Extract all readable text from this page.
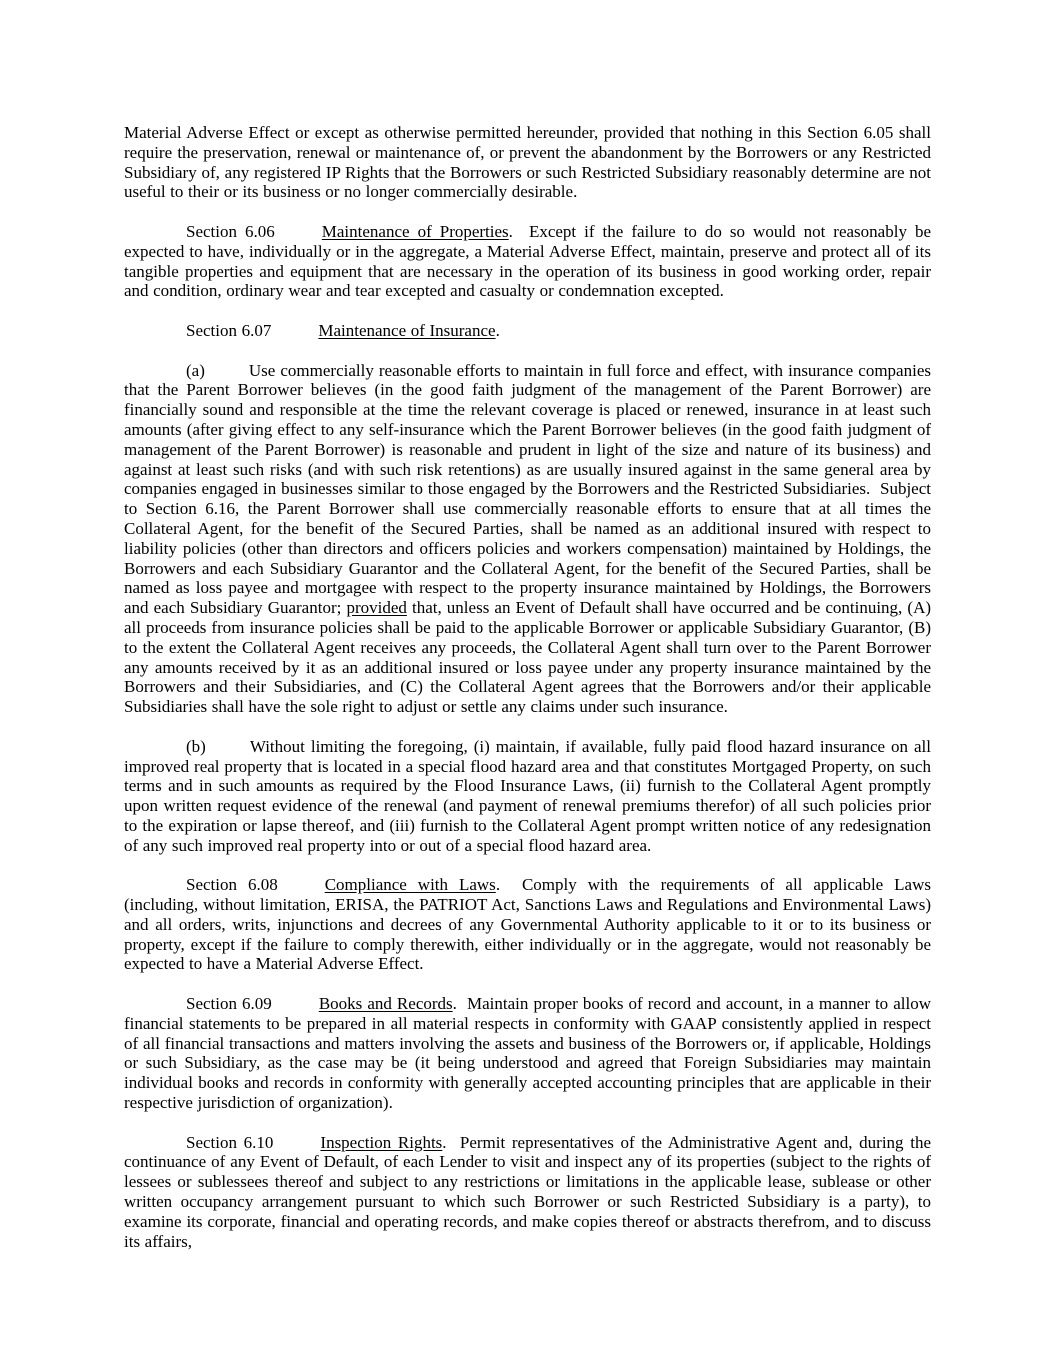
Material Adverse Effect or except as otherwise permitted hereunder, provided that nothing in this Section 6.05 shall require the preservation, renewal or maintenance of, or prevent the abandonment by the Borrowers or any Restricted Subsidiary of, any registered IP Rights that the Borrowers or such Restricted Subsidiary reasonably determine are not useful to their or its business or no longer commercially desirable.

Section 6.06	Maintenance of Properties.  Except if the failure to do so would not reasonably be expected to have, individually or in the aggregate, a Material Adverse Effect, maintain, preserve and protect all of its tangible properties and equipment that are necessary in the operation of its business in good working order, repair and condition, ordinary wear and tear excepted and casualty or condemnation excepted.

Section 6.07	Maintenance of Insurance.

(a)	Use commercially reasonable efforts to maintain in full force and effect, with insurance companies that the Parent Borrower believes (in the good faith judgment of the management of the Parent Borrower) are financially sound and responsible at the time the relevant coverage is placed or renewed, insurance in at least such amounts (after giving effect to any self-insurance which the Parent Borrower believes (in the good faith judgment of management of the Parent Borrower) is reasonable and prudent in light of the size and nature of its business) and against at least such risks (and with such risk retentions) as are usually insured against in the same general area by companies engaged in businesses similar to those engaged by the Borrowers and the Restricted Subsidiaries.  Subject to Section 6.16, the Parent Borrower shall use commercially reasonable efforts to ensure that at all times the Collateral Agent, for the benefit of the Secured Parties, shall be named as an additional insured with respect to liability policies (other than directors and officers policies and workers compensation) maintained by Holdings, the Borrowers and each Subsidiary Guarantor and the Collateral Agent, for the benefit of the Secured Parties, shall be named as loss payee and mortgagee with respect to the property insurance maintained by Holdings, the Borrowers and each Subsidiary Guarantor; provided that, unless an Event of Default shall have occurred and be continuing, (A) all proceeds from insurance policies shall be paid to the applicable Borrower or applicable Subsidiary Guarantor, (B) to the extent the Collateral Agent receives any proceeds, the Collateral Agent shall turn over to the Parent Borrower any amounts received by it as an additional insured or loss payee under any property insurance maintained by the Borrowers and their Subsidiaries, and (C) the Collateral Agent agrees that the Borrowers and/or their applicable Subsidiaries shall have the sole right to adjust or settle any claims under such insurance.

(b)	Without limiting the foregoing, (i) maintain, if available, fully paid flood hazard insurance on all improved real property that is located in a special flood hazard area and that constitutes Mortgaged Property, on such terms and in such amounts as required by the Flood Insurance Laws, (ii) furnish to the Collateral Agent promptly upon written request evidence of the renewal (and payment of renewal premiums therefor) of all such policies prior to the expiration or lapse thereof, and (iii) furnish to the Collateral Agent prompt written notice of any redesignation of any such improved real property into or out of a special flood hazard area.

Section 6.08	Compliance with Laws.  Comply with the requirements of all applicable Laws (including, without limitation, ERISA, the PATRIOT Act, Sanctions Laws and Regulations and Environmental Laws) and all orders, writs, injunctions and decrees of any Governmental Authority applicable to it or to its business or property, except if the failure to comply therewith, either individually or in the aggregate, would not reasonably be expected to have a Material Adverse Effect.

Section 6.09	Books and Records.  Maintain proper books of record and account, in a manner to allow financial statements to be prepared in all material respects in conformity with GAAP consistently applied in respect of all financial transactions and matters involving the assets and business of the Borrowers or, if applicable, Holdings or such Subsidiary, as the case may be (it being understood and agreed that Foreign Subsidiaries may maintain individual books and records in conformity with generally accepted accounting principles that are applicable in their respective jurisdiction of organization).

Section 6.10	Inspection Rights.  Permit representatives of the Administrative Agent and, during the continuance of any Event of Default, of each Lender to visit and inspect any of its properties (subject to the rights of lessees or sublessees thereof and subject to any restrictions or limitations in the applicable lease, sublease or other written occupancy arrangement pursuant to which such Borrower or such Restricted Subsidiary is a party), to examine its corporate, financial and operating records, and make copies thereof or abstracts therefrom, and to discuss its affairs,
